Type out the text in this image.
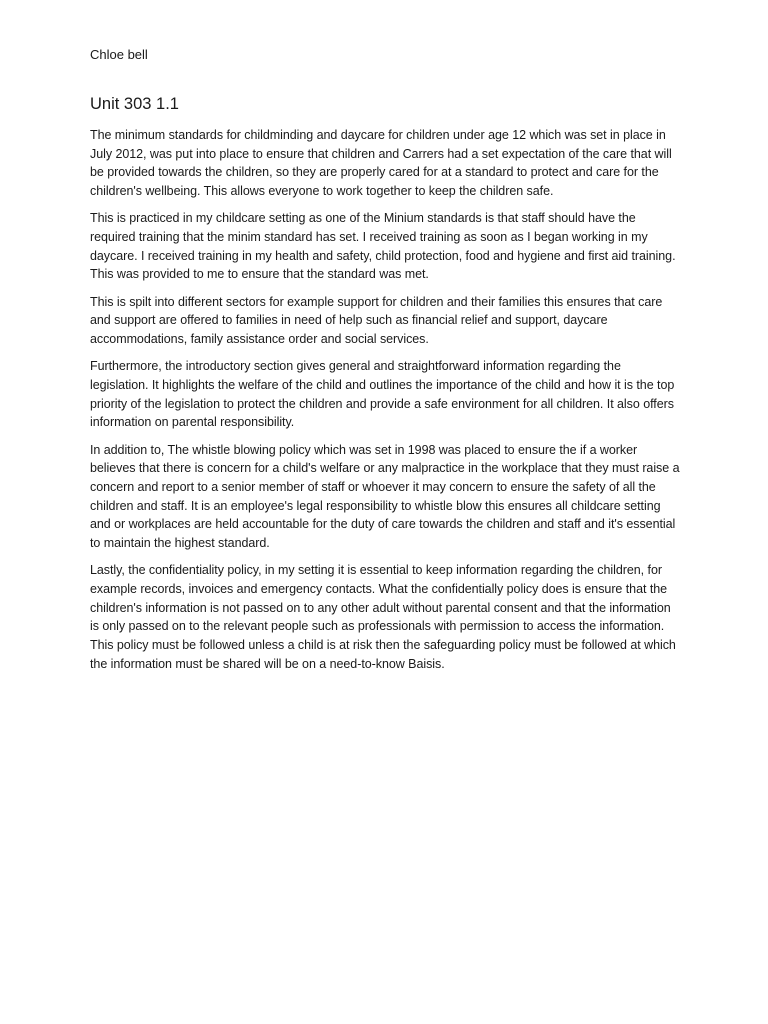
Chloe bell

Unit 303 1.1

The minimum standards for childminding and daycare for children under age 12 which was set in place in July 2012, was put into place to ensure that children and Carrers had a set expectation of the care that will be provided towards the children, so they are properly cared for at a standard to protect and care for the children's wellbeing. This allows everyone to work together to keep the children safe.

This is practiced in my childcare setting as one of the Minium standards is that staff should have the required training that the minim standard has set. I received training as soon as I began working in my daycare. I received training in my health and safety, child protection, food and hygiene and first aid training. This was provided to me to ensure that the standard was met.

This is spilt into different sectors for example support for children and their families this ensures that care and support are offered to families in need of help such as financial relief and support, daycare accommodations, family assistance order and social services.

Furthermore, the introductory section gives general and straightforward information regarding the legislation. It highlights the welfare of the child and outlines the importance of the child and how it is the top priority of the legislation to protect the children and provide a safe environment for all children. It also offers information on parental responsibility.

In addition to, The whistle blowing policy which was set in 1998 was placed to ensure the if a worker believes that there is concern for a child's welfare or any malpractice in the workplace that they must raise a concern and report to a senior member of staff or whoever it may concern to ensure the safety of all the children and staff. It is an employee's legal responsibility to whistle blow this ensures all childcare setting and or workplaces are held accountable for the duty of care towards the children and staff and it's essential to maintain the highest standard.

Lastly, the confidentiality policy, in my setting it is essential to keep information regarding the children, for example records, invoices and emergency contacts. What the confidentially policy does is ensure that the children's information is not passed on to any other adult without parental consent and that the information is only passed on to the relevant people such as professionals with permission to access the information. This policy must be followed unless a child is at risk then the safeguarding policy must be followed at which the information must be shared will be on a need-to-know Baisis.
